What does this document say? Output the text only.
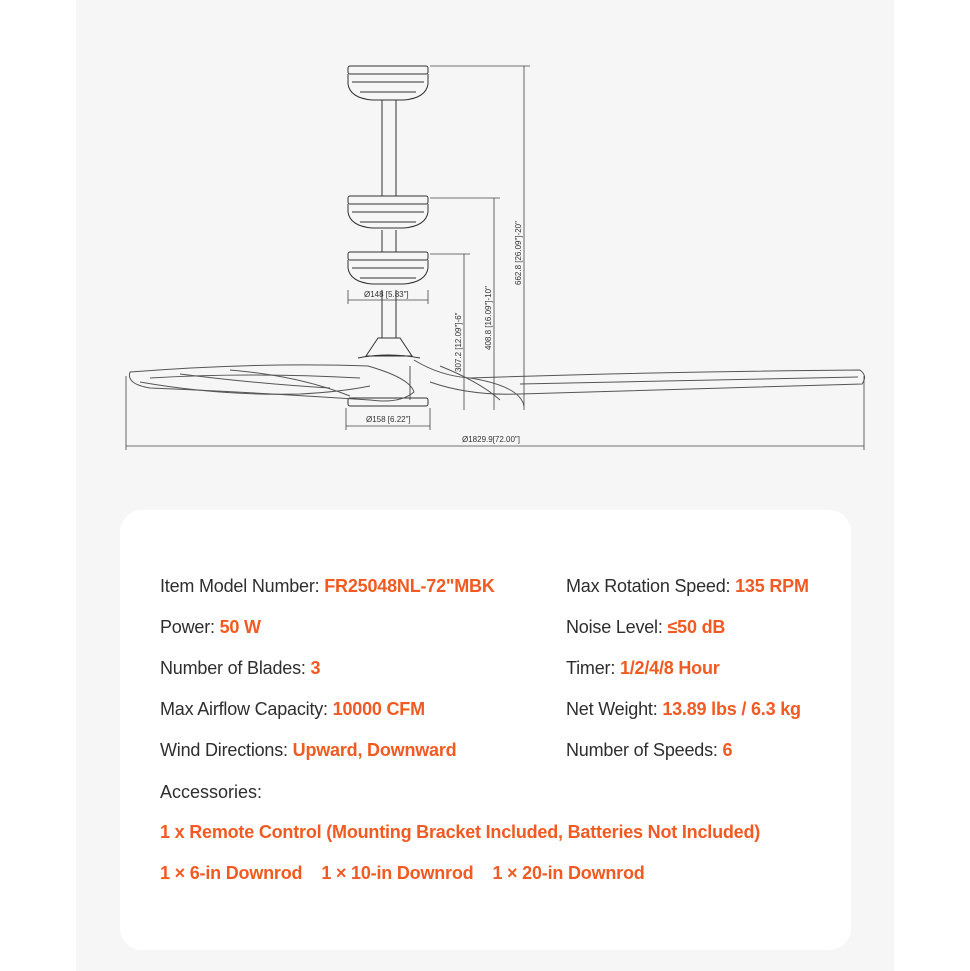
662.8 [26.09"]-20"
408.8 [16.09"]-10"
307.2 [12.09"]-6"
Ø148 [5.83"]
Ø158 [6.22"]
Ø1829.9[72.00"]
Item Model Number: FR25048NL-72"MBK
Power: 50 W
Number of Blades: 3
Max Airflow Capacity: 10000 CFM
Wind Directions: Upward, Downward
Max Rotation Speed: 135 RPM
Noise Level: ≤50 dB
Timer: 1/2/4/8 Hour
Net Weight: 13.89 lbs / 6.3 kg
Number of Speeds: 6
Accessories:
1 x Remote Control (Mounting Bracket Included, Batteries Not Included)
1 × 6-in Downrod 1 × 10-in Downrod 1 × 20-in Downrod
